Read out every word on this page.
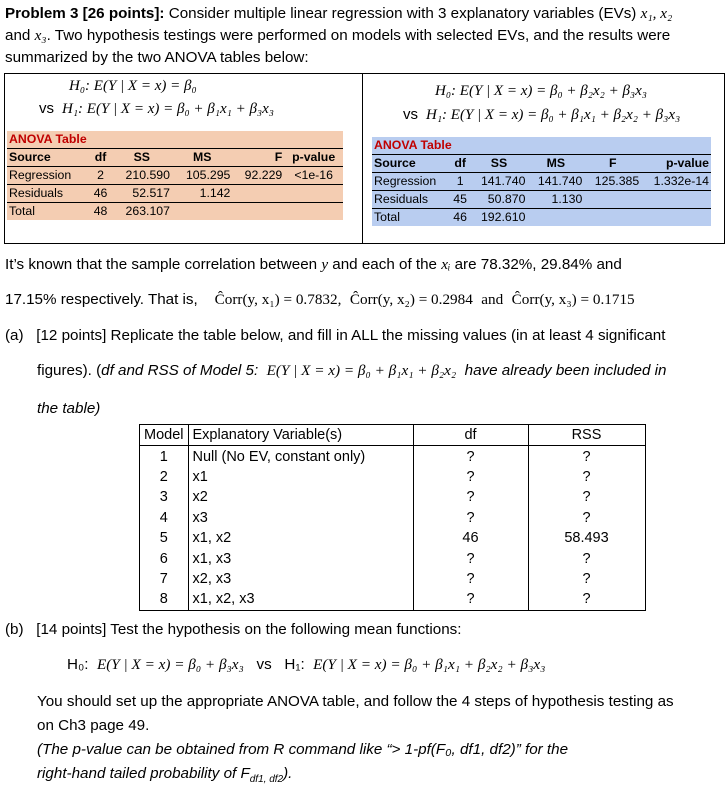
Problem 3 [26 points]: Consider multiple linear regression with 3 explanatory variables (EVs) x₁, x₂
and x₃. Two hypothesis testings were performed on models with selected EVs, and the results were
summarized by the two ANOVA tables below:
H₀: E(Y | X = x) = β₀
vs H₁: E(Y | X = x) = β₀ + β₁x₁ + β₃x₃
ANOVA Table					
Source	df	SS	MS	F	p-value
Regression	2	210.590	105.295	92.229	<1e-16
Residuals	46	52.517	1.142		
Total	48	263.107			
H₀: E(Y | X = x) = β₀ + β₂x₂ + β₃x₃
vs H₁: E(Y | X = x) = β₀ + β₁x₁ + β₂x₂ + β₃x₃
ANOVA Table					
Source	df	SS	MS	F	p-value
Regression	1	141.740	141.740	125.385	1.332e-14
Residuals	45	50.870	1.130		
Total	46	192.610			
It’s known that the sample correlation between y and each of the xᵢ are 78.32%, 29.84% and
17.15% respectively. That is, Ĉorr(y, x₁) = 0.7832, Ĉorr(y, x₂) = 0.2984 and Ĉorr(y, x₃) = 0.1715
(a) [12 points] Replicate the table below, and fill in ALL the missing values (in at least 4 significant
figures). (df and RSS of Model 5: E(Y | X = x) = β₀ + β₁x₁ + β₂x₂ have already been included in
the table)
Model	Explanatory Variable(s)	df	RSS
1	Null (No EV, constant only)	?	?
2	x1	?	?
3	x2	?	?
4	x3	?	?
5	x1, x2	46	58.493
6	x1, x3	?	?
7	x2, x3	?	?
8	x1, x2, x3	?	?
(b) [14 points] Test the hypothesis on the following mean functions:
H₀: E(Y | X = x) = β₀ + β₃x₃ vs H₁: E(Y | X = x) = β₀ + β₁x₁ + β₂x₂ + β₃x₃
You should set up the appropriate ANOVA table, and follow the 4 steps of hypothesis testing as
on Ch3 page 49.
(The p-value can be obtained from R command like “> 1-pf(F₀, df1, df2)” for the
right-hand tailed probability of $F_{df1, df2}$).
